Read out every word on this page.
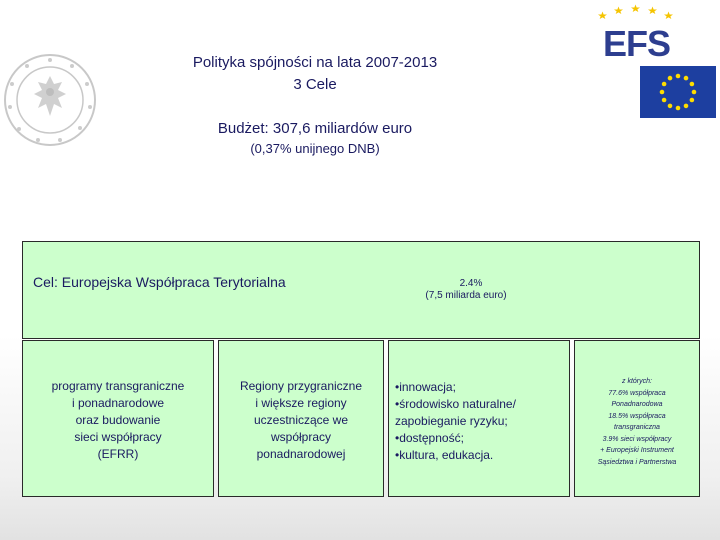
EFS
Polityka spójności na lata 2007-2013
3 Cele
Budżet: 307,6 miliardów euro
(0,37% unijnego DNB)
Cel: Europejska Współpraca Terytorialna	2.4%
(7,5 miliarda euro)
programy transgraniczne
i ponadnarodowe
oraz budowanie
sieci współpracy
(EFRR)
Regiony przygraniczne
i większe regiony
uczestniczące we
współpracy
ponadnarodowej
•innowacja;
•środowisko naturalne/
zapobieganie ryzyku;
•dostępność;
•kultura, edukacja.
z których:
77.6% współpraca
Ponadnarodowa
18.5% współpraca
transgraniczna
3.9% sieci współpracy
+ Europejski Instrument
Sąsiedztwa i Partnerstwa
